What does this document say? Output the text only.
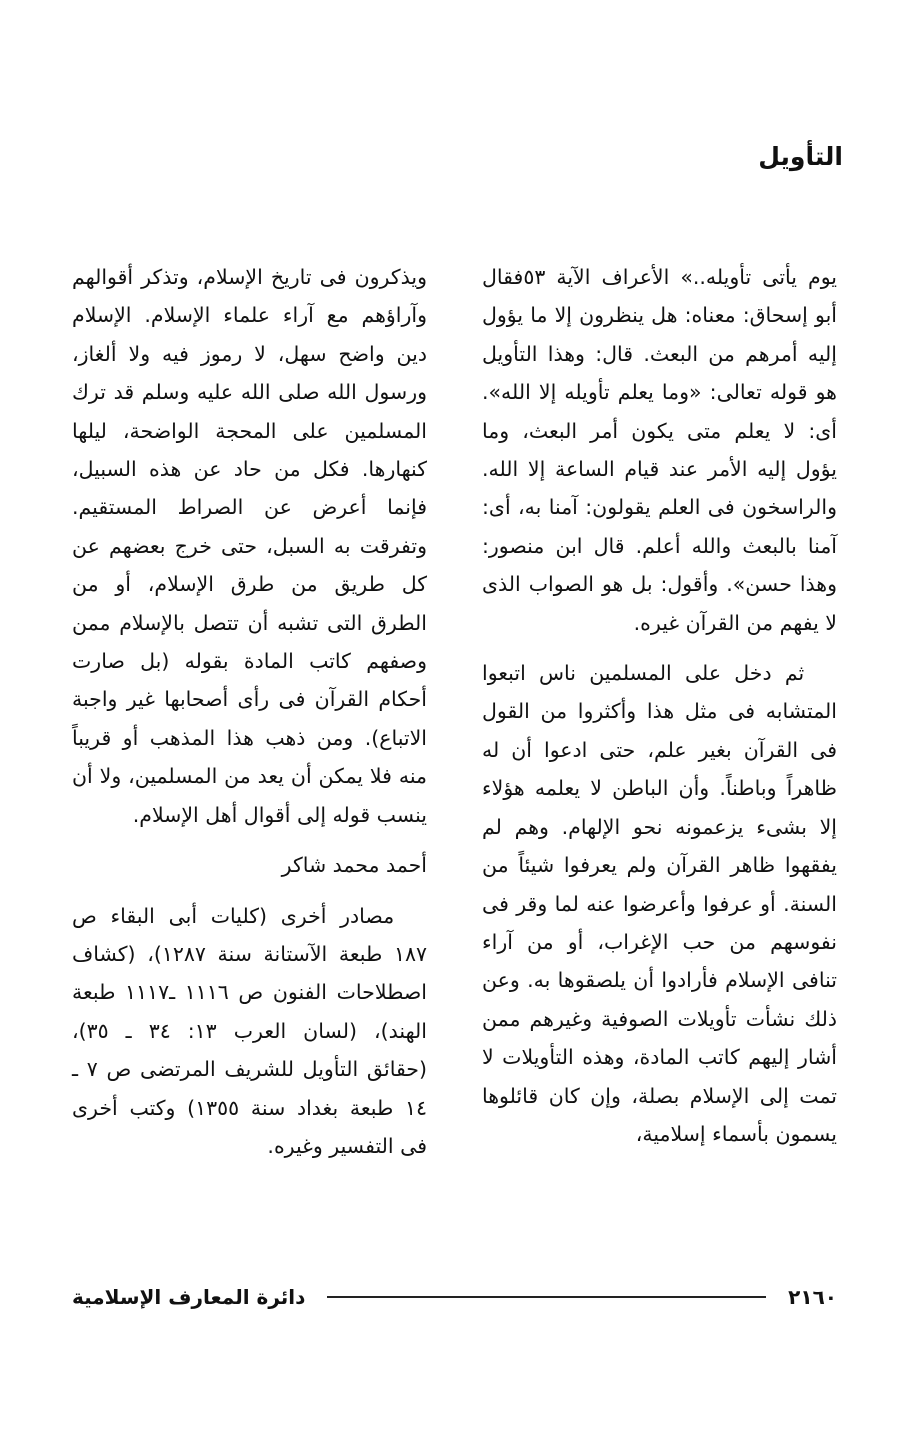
التأويل

يوم يأتى تأويله..» الأعراف الآية ٥٣فقال أبو إسحاق: معناه: هل ينظرون إلا ما يؤول إليه أمرهم من البعث. قال: وهذا التأويل هو قوله تعالى: «وما يعلم تأويله إلا الله». أى: لا يعلم متى يكون أمر البعث، وما يؤول إليه الأمر عند قيام الساعة إلا الله. والراسخون فى العلم يقولون: آمنا به، أى: آمنا بالبعث والله أعلم. قال ابن منصور: وهذا حسن». وأقول: بل هو الصواب الذى لا يفهم من القرآن غيره.

ثم دخل على المسلمين ناس اتبعوا المتشابه فى مثل هذا وأكثروا من القول فى القرآن بغير علم، حتى ادعوا أن له ظاهراً وباطناً. وأن الباطن لا يعلمه هؤلاء إلا بشىء يزعمونه نحو الإلهام. وهم لم يفقهوا ظاهر القرآن ولم يعرفوا شيئاً من السنة. أو عرفوا وأعرضوا عنه لما وقر فى نفوسهم من حب الإغراب، أو من آراء تنافى الإسلام فأرادوا أن يلصقوها به. وعن ذلك نشأت تأويلات الصوفية وغيرهم ممن أشار إليهم كاتب المادة، وهذه التأويلات لا تمت إلى الإسلام بصلة، وإن كان قائلوها يسمون بأسماء إسلامية،

ويذكرون فى تاريخ الإسلام، وتذكر أقوالهم وآراؤهم مع آراء علماء الإسلام. الإسلام دين واضح سهل، لا رموز فيه ولا ألغاز، ورسول الله صلى الله عليه وسلم قد ترك المسلمين على المحجة الواضحة، ليلها كنهارها. فكل من حاد عن هذه السبيل، فإنما أعرض عن الصراط المستقيم. وتفرقت به السبل، حتى خرج بعضهم عن كل طريق من طرق الإسلام، أو من الطرق التى تشبه أن تتصل بالإسلام ممن وصفهم كاتب المادة بقوله (بل صارت أحكام القرآن فى رأى أصحابها غير واجبة الاتباع). ومن ذهب هذا المذهب أو قريباً منه فلا يمكن أن يعد من المسلمين، ولا أن ينسب قوله إلى أقوال أهل الإسلام.

أحمد محمد شاكر

مصادر أخرى (كليات أبى البقاء ص ١٨٧ طبعة الآستانة سنة ١٢٨٧)، (كشاف اصطلاحات الفنون ص ١١١٦ ـ١١١٧ طبعة الهند)، (لسان العرب ١٣: ٣٤ ـ ٣٥)، (حقائق التأويل للشريف المرتضى ص ٧ ـ ١٤ طبعة بغداد سنة ١٣٥٥) وكتب أخرى فى التفسير وغيره.

٢١٦٠
دائرة المعارف الإسلامية
